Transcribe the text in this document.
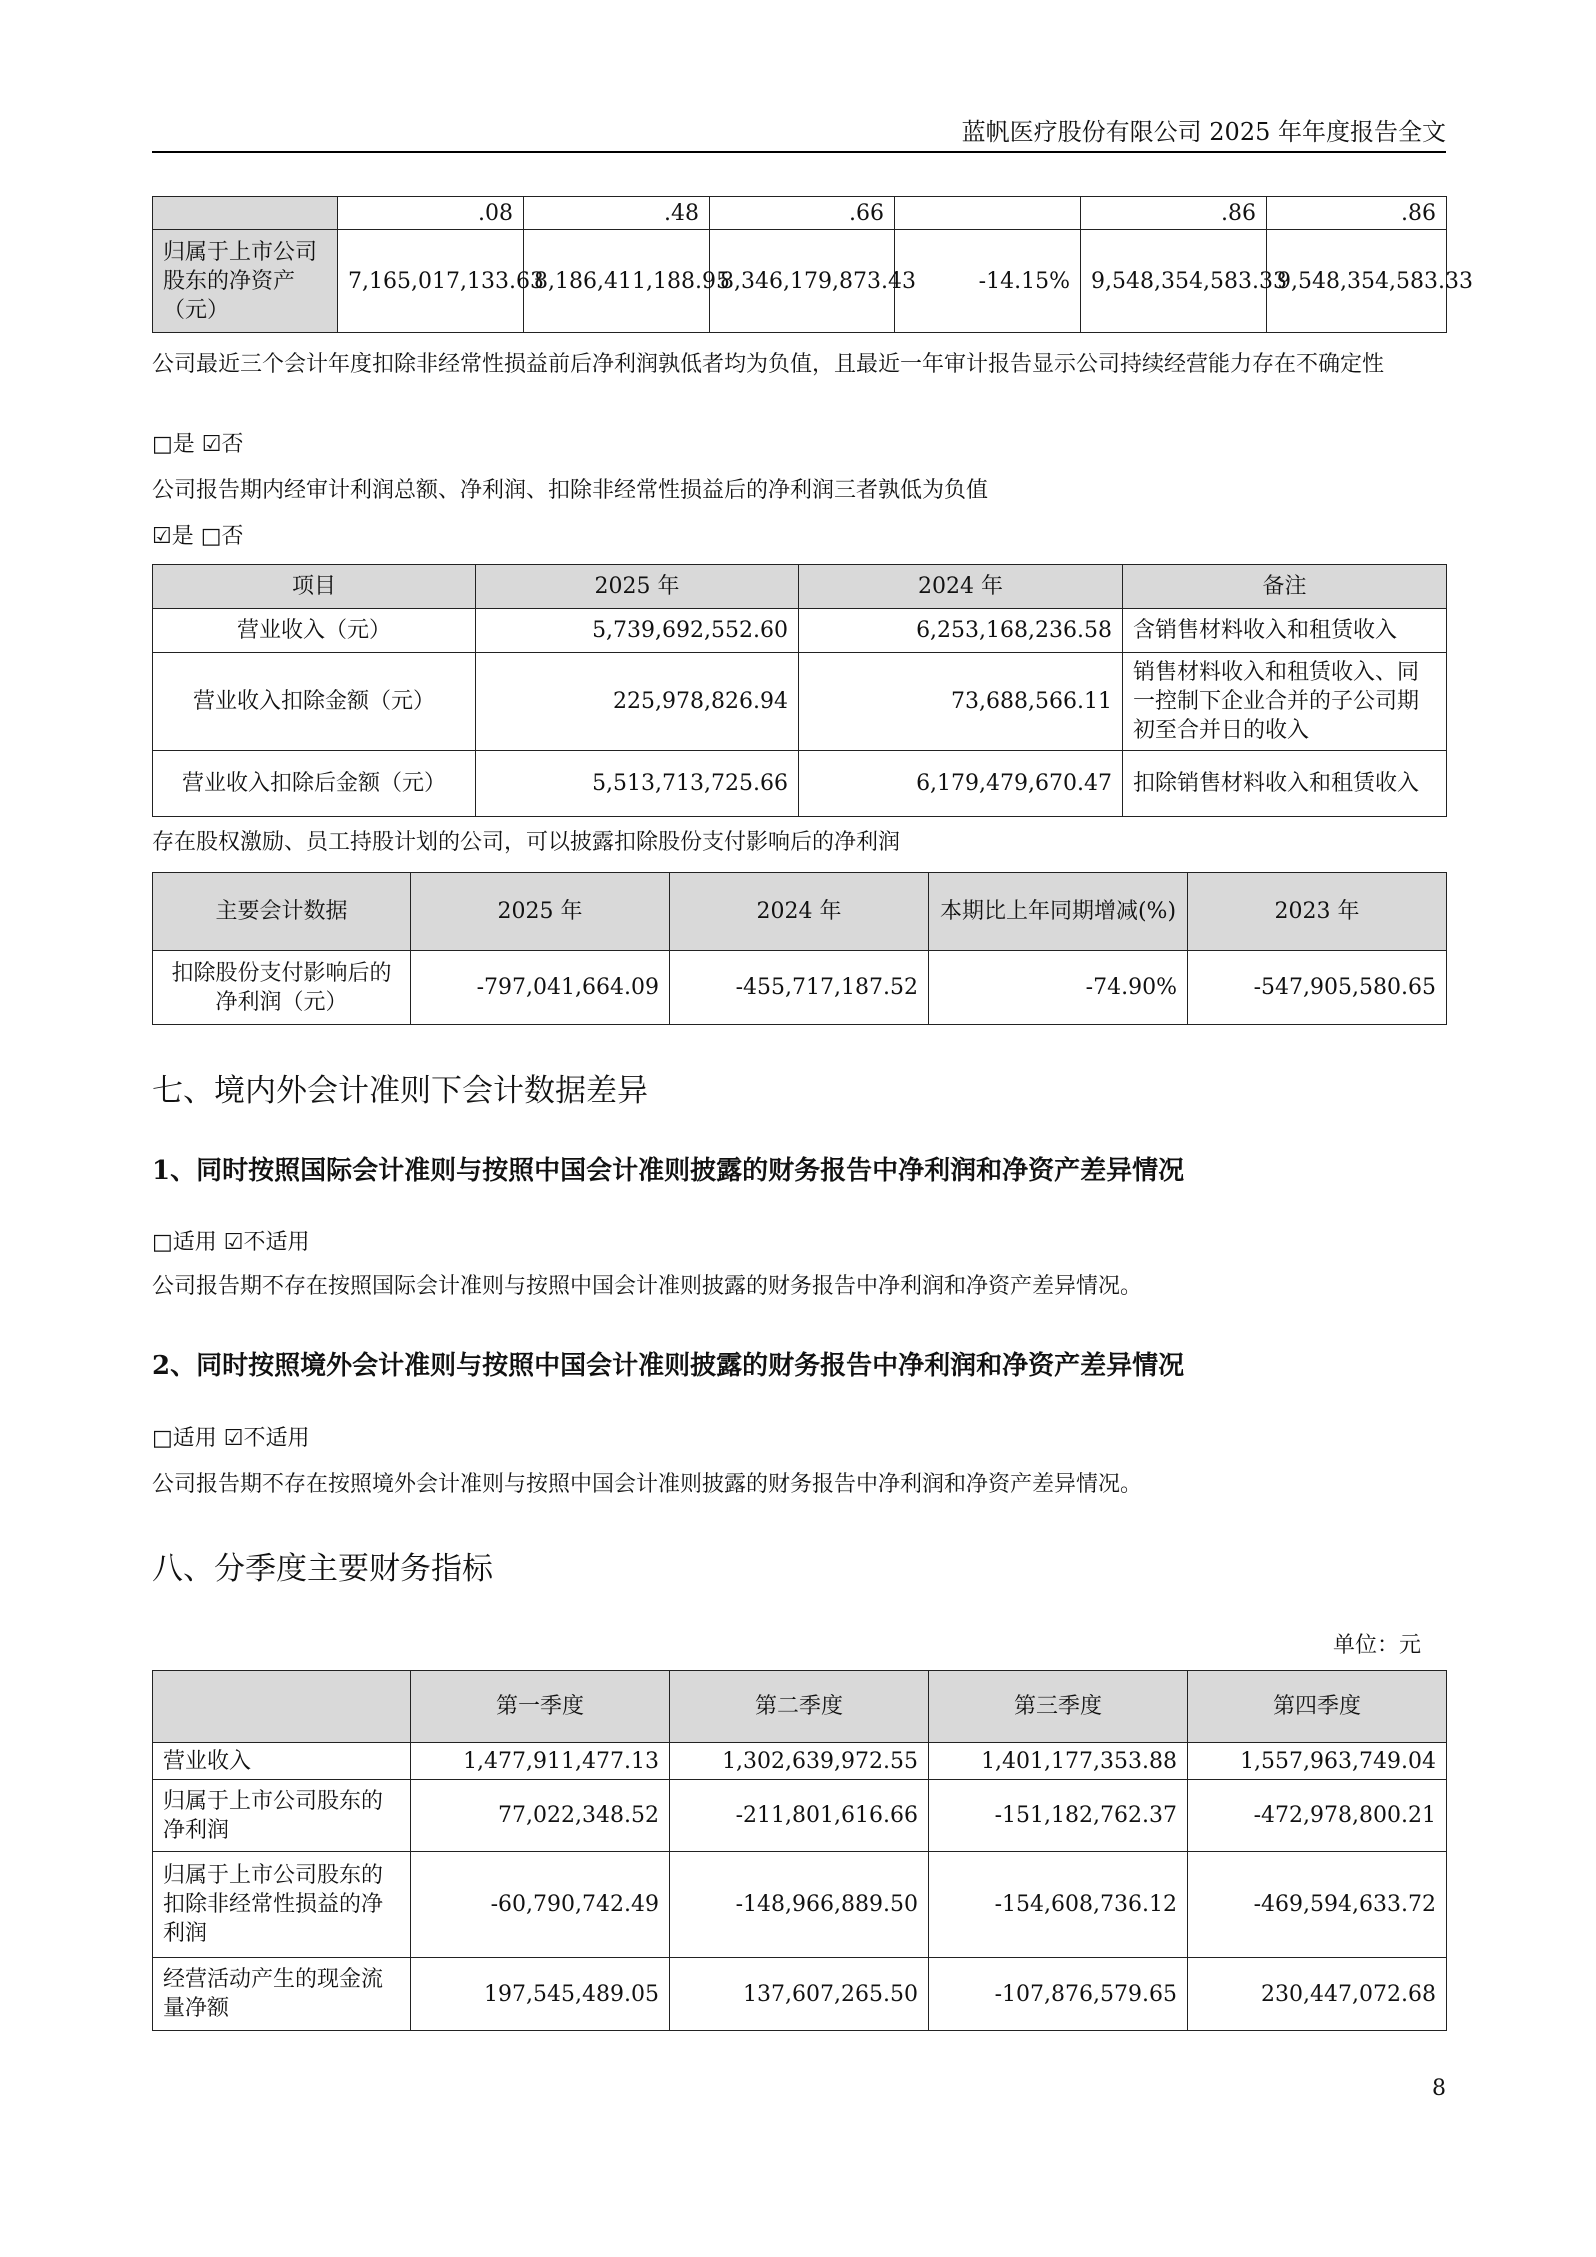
蓝帆医疗股份有限公司 2025 年年度报告全文
	.08	.48	.66		.86	.86
归属于上市公司股东的净资产（元）	7,165,017,133.63	8,186,411,188.95	8,346,179,873.43	-14.15%	9,548,354,583.33	9,548,354,583.33
公司最近三个会计年度扣除非经常性损益前后净利润孰低者均为负值，且最近一年审计报告显示公司持续经营能力存在不确定性
□是 ☑否
公司报告期内经审计利润总额、净利润、扣除非经常性损益后的净利润三者孰低为负值
☑是 □否
项目	2025 年	2024 年	备注
营业收入（元）	5,739,692,552.60	6,253,168,236.58	含销售材料收入和租赁收入
营业收入扣除金额（元）	225,978,826.94	73,688,566.11	销售材料收入和租赁收入、同一控制下企业合并的子公司期初至合并日的收入
营业收入扣除后金额（元）	5,513,713,725.66	6,179,479,670.47	扣除销售材料收入和租赁收入
存在股权激励、员工持股计划的公司，可以披露扣除股份支付影响后的净利润
主要会计数据	2025 年	2024 年	本期比上年同期增减(%)	2023 年
扣除股份支付影响后的净利润（元）	-797,041,664.09	-455,717,187.52	-74.90%	-547,905,580.65
七、境内外会计准则下会计数据差异
1、同时按照国际会计准则与按照中国会计准则披露的财务报告中净利润和净资产差异情况
□适用 ☑不适用
公司报告期不存在按照国际会计准则与按照中国会计准则披露的财务报告中净利润和净资产差异情况。
2、同时按照境外会计准则与按照中国会计准则披露的财务报告中净利润和净资产差异情况
□适用 ☑不适用
公司报告期不存在按照境外会计准则与按照中国会计准则披露的财务报告中净利润和净资产差异情况。
八、分季度主要财务指标
单位：元
	第一季度	第二季度	第三季度	第四季度
营业收入	1,477,911,477.13	1,302,639,972.55	1,401,177,353.88	1,557,963,749.04
归属于上市公司股东的净利润	77,022,348.52	-211,801,616.66	-151,182,762.37	-472,978,800.21
归属于上市公司股东的扣除非经常性损益的净利润	-60,790,742.49	-148,966,889.50	-154,608,736.12	-469,594,633.72
经营活动产生的现金流量净额	197,545,489.05	137,607,265.50	-107,876,579.65	230,447,072.68
8
